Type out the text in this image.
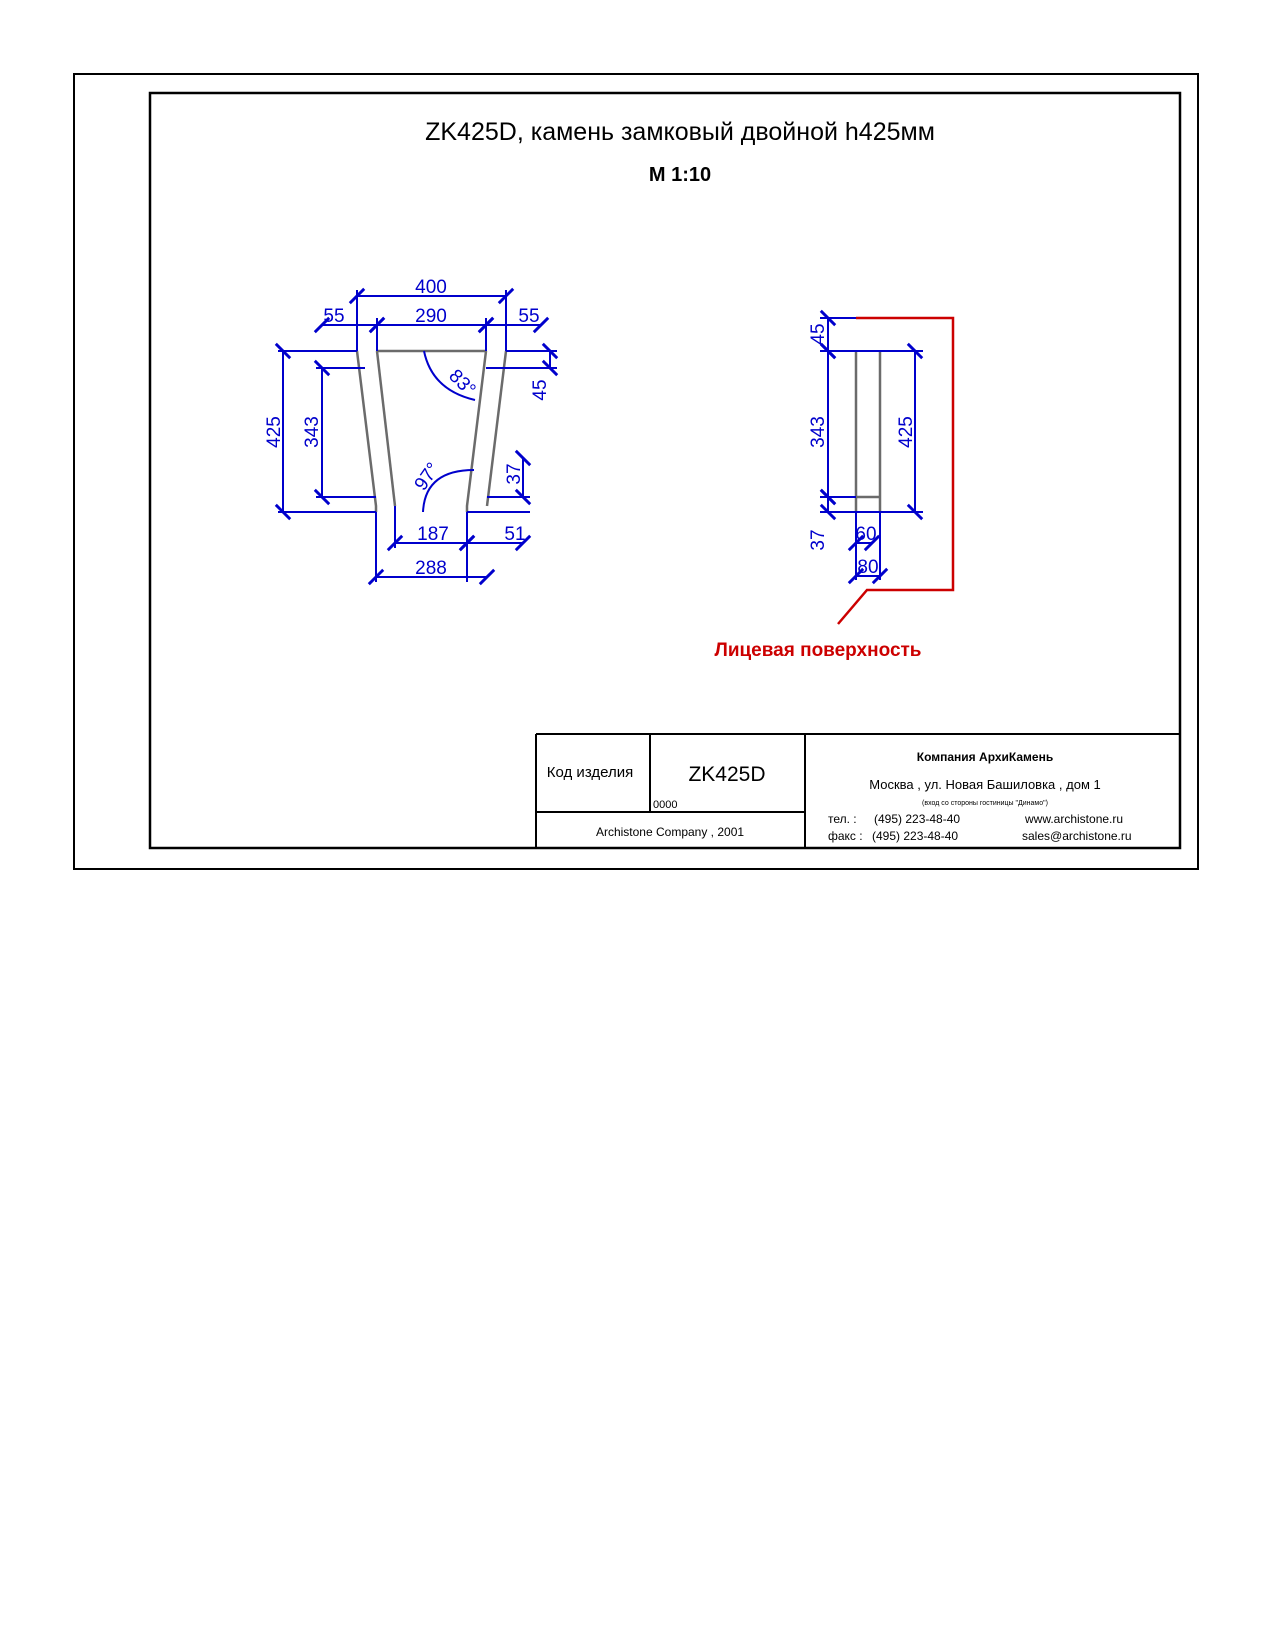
ZK425D, камень замковый двойной h425мм
М 1:10
400
55	290	55
425 343
45
37
187	51
288
83°
97°
45
343
37
425
60
80
Лицевая поверхность
Код изделия	ZK425D
0000
Archistone Company , 2001
Компания АрхиКамень
Москва , ул. Новая Башиловка , дом 1
(вход со стороны гостиницы "Динамо")
тел. : (495) 223-48-40
факс : (495) 223-48-40
www.archistone.ru
sales@archistone.ru
